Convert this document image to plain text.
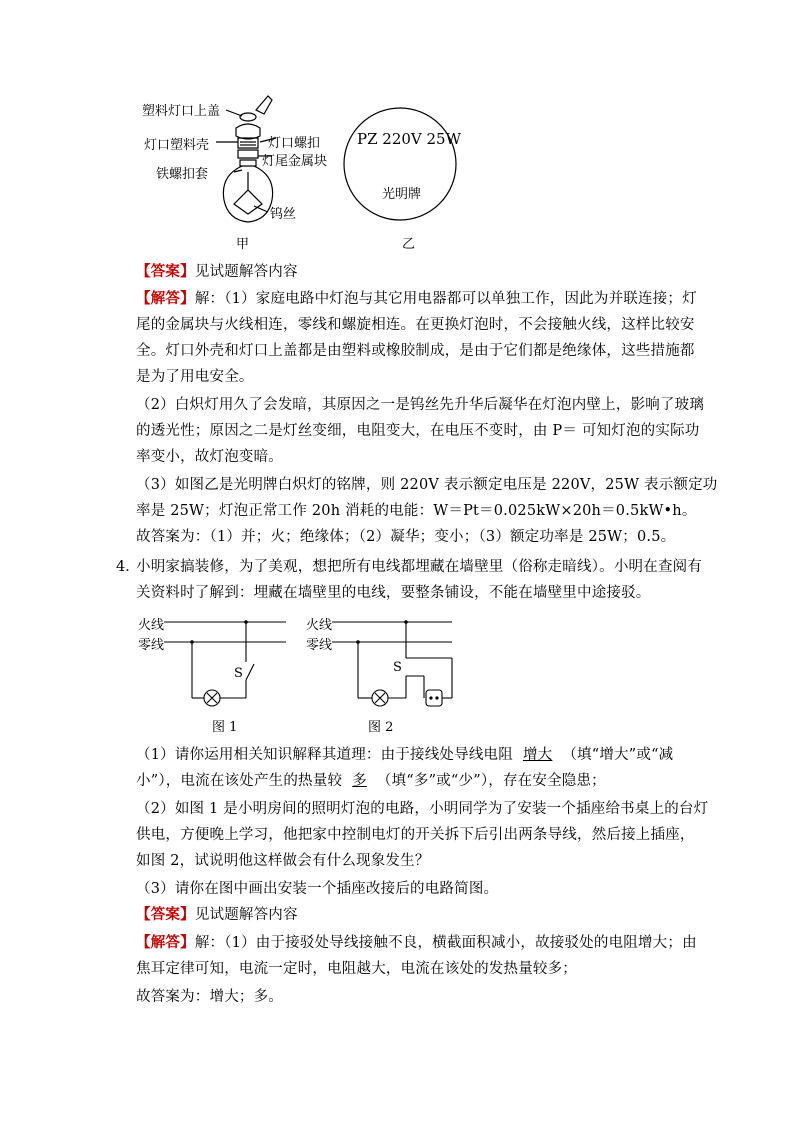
塑料灯口上盖
灯口塑料壳	灯口螺扣
铁螺扣套
灯尾金属块
钨丝
甲
PZ 220V 25W
光明牌
乙
【答案】见试题解答内容
【解答】解：（1）家庭电路中灯泡与其它用电器都可以单独工作，因此为并联连接；灯
尾的金属块与火线相连，零线和螺旋相连。在更换灯泡时，不会接触火线，这样比较安
全。灯口外壳和灯口上盖都是由塑料或橡胶制成，是由于它们都是绝缘体，这些措施都
是为了用电安全。
（2）白炽灯用久了会发暗，其原因之一是钨丝先升华后凝华在灯泡内壁上，影响了玻璃
的透光性；原因之二是灯丝变细，电阻变大，在电压不变时，由 P＝ 可知灯泡的实际功
率变小，故灯泡变暗。
（3）如图乙是光明牌白炽灯的铭牌，则 220V 表示额定电压是 220V，25W 表示额定功
率是 25W；灯泡正常工作 20h 消耗的电能：W＝Pt＝0.025kW×20h＝0.5kW•h。
故答案为：（1）并；火；绝缘体；（2）凝华；变小；（3）额定功率是 25W；0.5。
4．
小明家搞装修，为了美观，想把所有电线都埋藏在墙壁里（俗称走暗线）。小明在查阅有
关资料时了解到：埋藏在墙壁里的电线，要整条铺设，不能在墙壁里中途接驳。
火线
零线
S
图 1
火线
零线
S
图 2
（1）请你运用相关知识解释其道理：由于接线处导线电阻 增大 （填“增大”或“减
小”），电流在该处产生的热量较 多 （填“多”或“少”），存在安全隐患；
（2）如图 1 是小明房间的照明灯泡的电路，小明同学为了安装一个插座给书桌上的台灯
供电，方便晚上学习，他把家中控制电灯的开关拆下后引出两条导线，然后接上插座，
如图 2，试说明他这样做会有什么现象发生？
（3）请你在图中画出安装一个插座改接后的电路简图。
【答案】见试题解答内容
【解答】解：（1）由于接驳处导线接触不良，横截面积减小，故接驳处的电阻增大；由
焦耳定律可知，电流一定时，电阻越大，电流在该处的发热量较多；
故答案为：增大；多。
